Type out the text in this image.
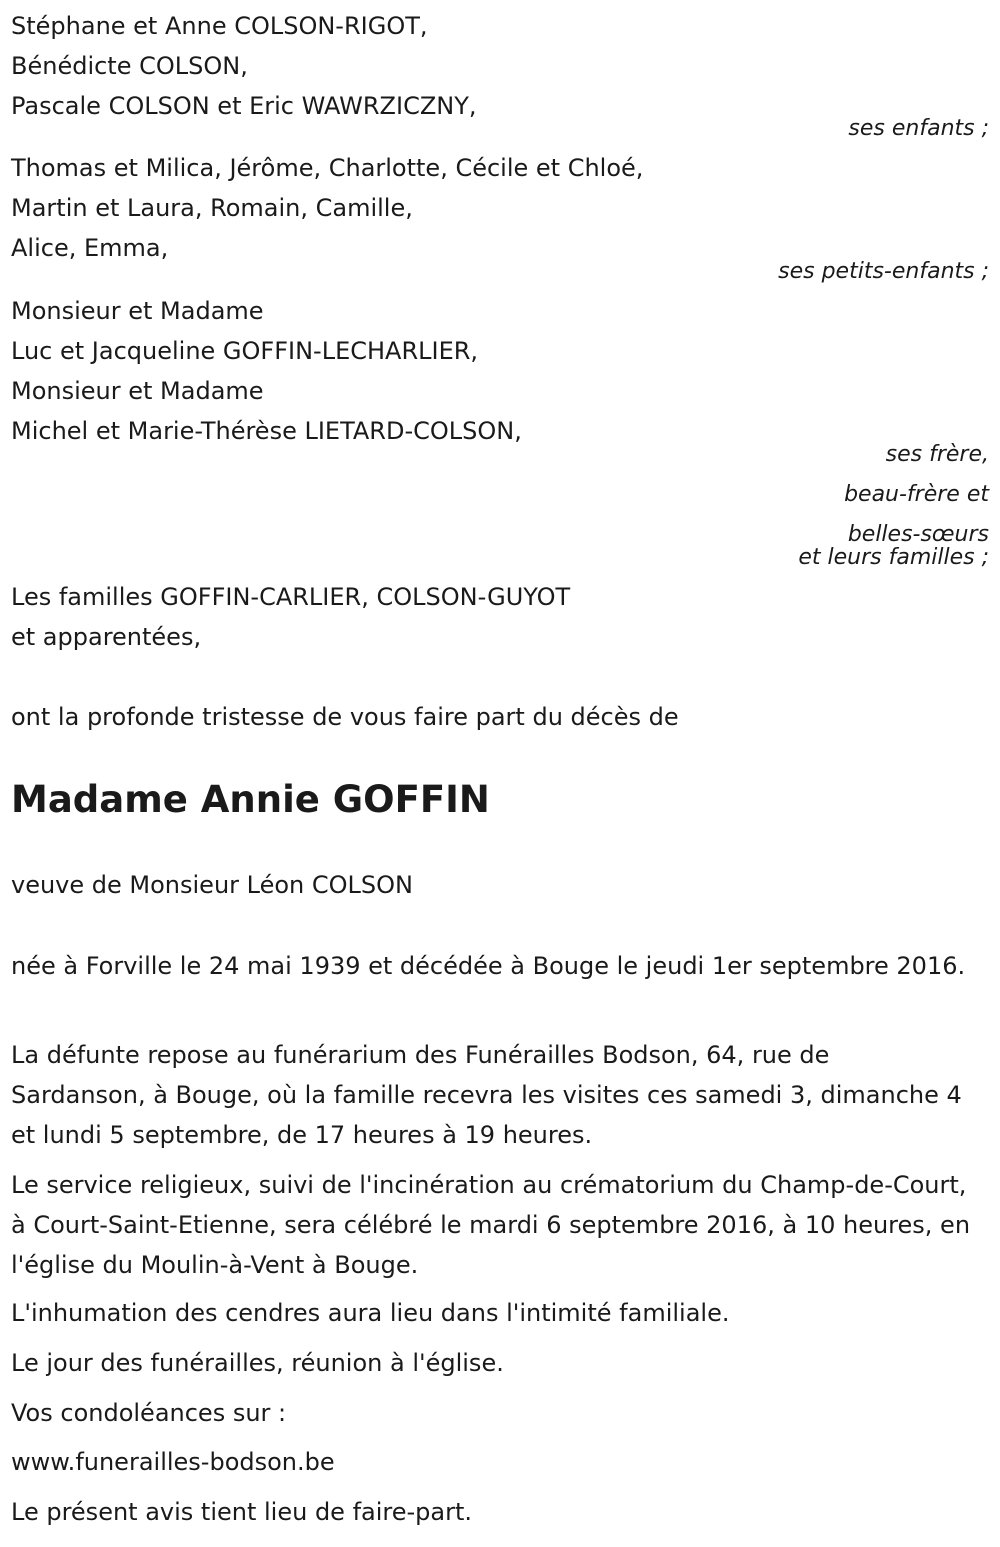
Stéphane et Anne COLSON-RIGOT,

Bénédicte COLSON,

Pascale COLSON et Eric WAWRZICZNY,

ses enfants ;

Thomas et Milica, Jérôme, Charlotte, Cécile et Chloé,

Martin et Laura, Romain, Camille,

Alice, Emma,

ses petits-enfants ;

Monsieur et Madame

Luc et Jacqueline GOFFIN-LECHARLIER,

Monsieur et Madame

Michel et Marie-Thérèse LIETARD-COLSON,

ses frère,

beau-frère et

belles-sœurs

et leurs familles ;

Les familles GOFFIN-CARLIER, COLSON-GUYOT

et apparentées,

ont la profonde tristesse de vous faire part du décès de

Madame Annie GOFFIN

veuve de Monsieur Léon COLSON

née à Forville le 24 mai 1939 et décédée à Bouge le jeudi 1er septembre 2016.

La défunte repose au funérarium des Funérailles Bodson, 64, rue de Sardanson, à Bouge, où la famille recevra les visites ces samedi 3, dimanche 4 et lundi 5 septembre, de 17 heures à 19 heures.

Le service religieux, suivi de l'incinération au crématorium du Champ-de-Court, à Court-Saint-Etienne, sera célébré le mardi 6 septembre 2016, à 10 heures, en l'église du Moulin-à-Vent à Bouge.

L'inhumation des cendres aura lieu dans l'intimité familiale.

Le jour des funérailles, réunion à l'église.

Vos condoléances sur :

www.funerailles-bodson.be

Le présent avis tient lieu de faire-part.
